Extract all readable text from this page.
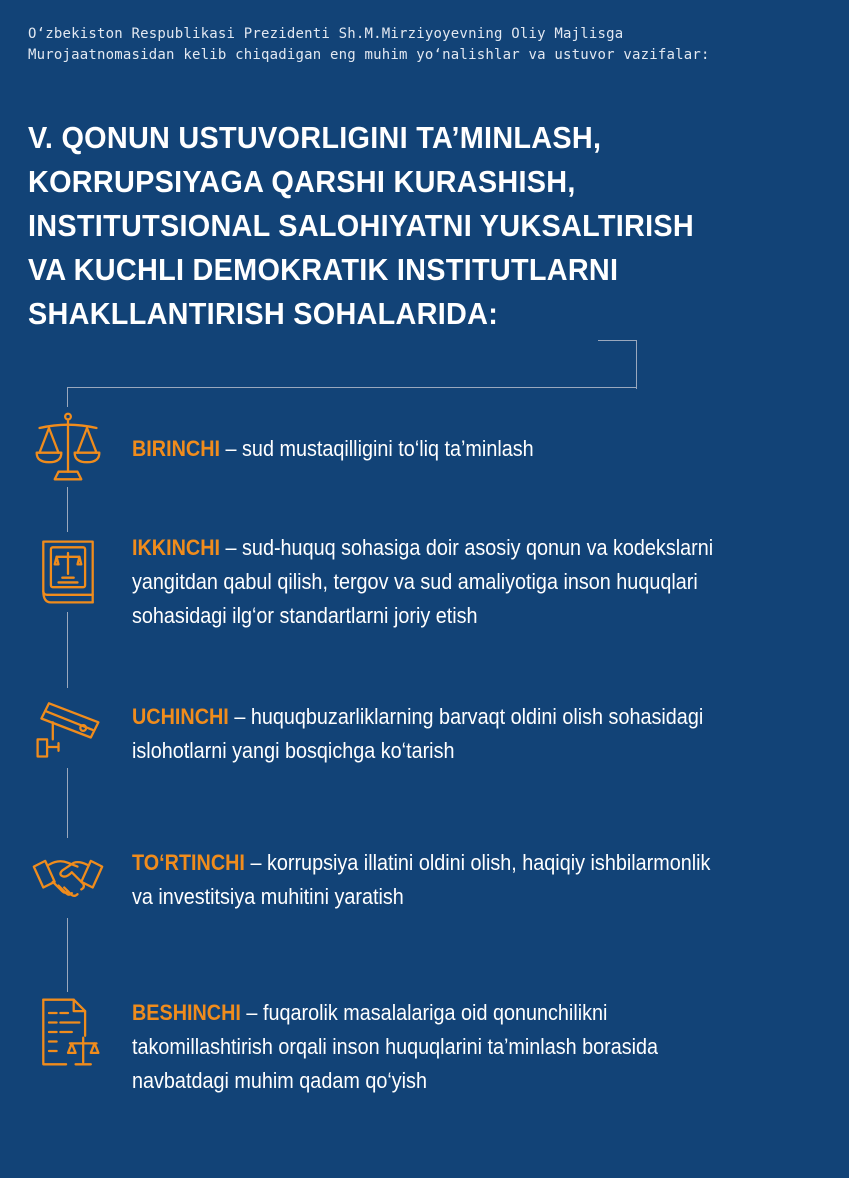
O‘zbekiston Respublikasi Prezidenti Sh.M.Mirziyoyevning Oliy Majlisga
Murojaatnomasidan kelib chiqadigan eng muhim yo‘nalishlar va ustuvor vazifalar:
V. QONUN USTUVORLIGINI TA’MINLASH,
KORRUPSIYAGA QARSHI KURASHISH,
INSTITUTSIONAL SALOHIYATNI YUKSALTIRISH
VA KUCHLI DEMOKRATIK INSTITUTLARNI
SHAKLLANTIRISH SOHALARIDA:
BIRINCHI – sud mustaqilligini to‘liq ta’minlash
IKKINCHI – sud-huquq sohasiga doir asosiy qonun va kodekslarni
yangitdan qabul qilish, tergov va sud amaliyotiga inson huquqlari
sohasidagi ilg‘or standartlarni joriy etish
UCHINCHI – huquqbuzarliklarning barvaqt oldini olish sohasidagi
islohotlarni yangi bosqichga ko‘tarish
TO‘RTINCHI – korrupsiya illatini oldini olish, haqiqiy ishbilarmonlik
va investitsiya muhitini yaratish
BESHINCHI – fuqarolik masalalariga oid qonunchilikni
takomillashtirish orqali inson huquqlarini ta’minlash borasida
navbatdagi muhim qadam qo‘yish
